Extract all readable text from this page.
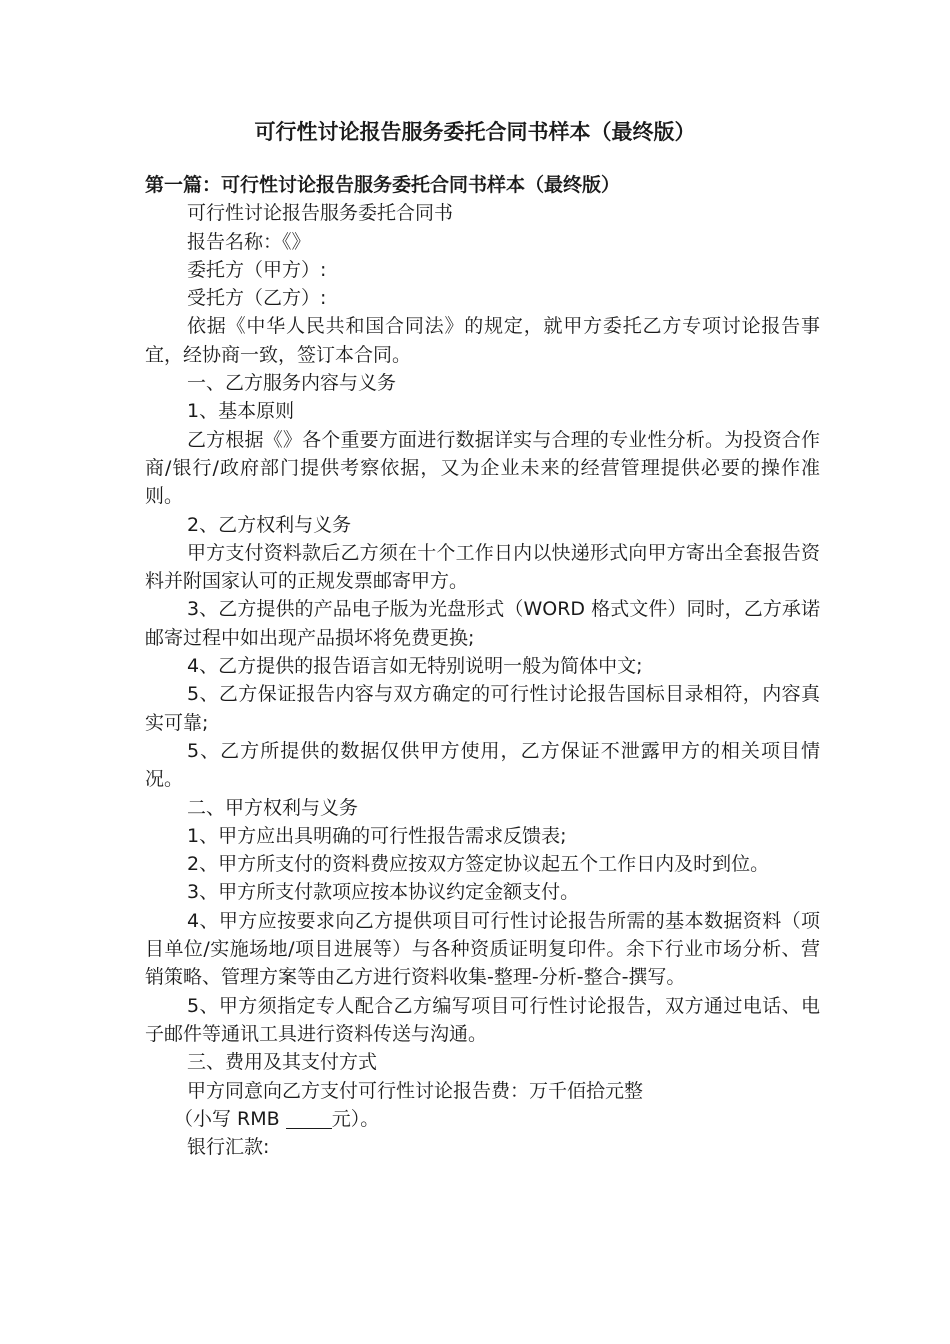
可行性讨论报告服务委托合同书样本（最终版）

第一篇：可行性讨论报告服务委托合同书样本（最终版）

可行性讨论报告服务委托合同书

报告名称：《》

委托方（甲方）:

受托方（乙方）:

依据《中华人民共和国合同法》的规定，就甲方委托乙方专项讨论报告事宜，经协商一致，签订本合同。

一、乙方服务内容与义务

1、基本原则

乙方根据《》各个重要方面进行数据详实与合理的专业性分析。为投资合作商/银行/政府部门提供考察依据，又为企业未来的经营管理提供必要的操作准则。

2、乙方权利与义务

甲方支付资料款后乙方须在十个工作日内以快递形式向甲方寄出全套报告资料并附国家认可的正规发票邮寄甲方。

3、乙方提供的产品电子版为光盘形式（WORD 格式文件）同时，乙方承诺邮寄过程中如出现产品损坏将免费更换;

4、乙方提供的报告语言如无特别说明一般为简体中文;

5、乙方保证报告内容与双方确定的可行性讨论报告国标目录相符，内容真实可靠;

5、乙方所提供的数据仅供甲方使用，乙方保证不泄露甲方的相关项目情况。

二、甲方权利与义务

1、甲方应出具明确的可行性报告需求反馈表;

2、甲方所支付的资料费应按双方签定协议起五个工作日内及时到位。

3、甲方所支付款项应按本协议约定金额支付。

4、甲方应按要求向乙方提供项目可行性讨论报告所需的基本数据资料（项目单位/实施场地/项目进展等）与各种资质证明复印件。余下行业市场分析、营销策略、管理方案等由乙方进行资料收集-整理-分析-整合-撰写。

5、甲方须指定专人配合乙方编写项目可行性讨论报告，双方通过电话、电子邮件等通讯工具进行资料传送与沟通。

三、费用及其支付方式

甲方同意向乙方支付可行性讨论报告费：万千佰拾元整

（小写 RMB	元）。

银行汇款:
